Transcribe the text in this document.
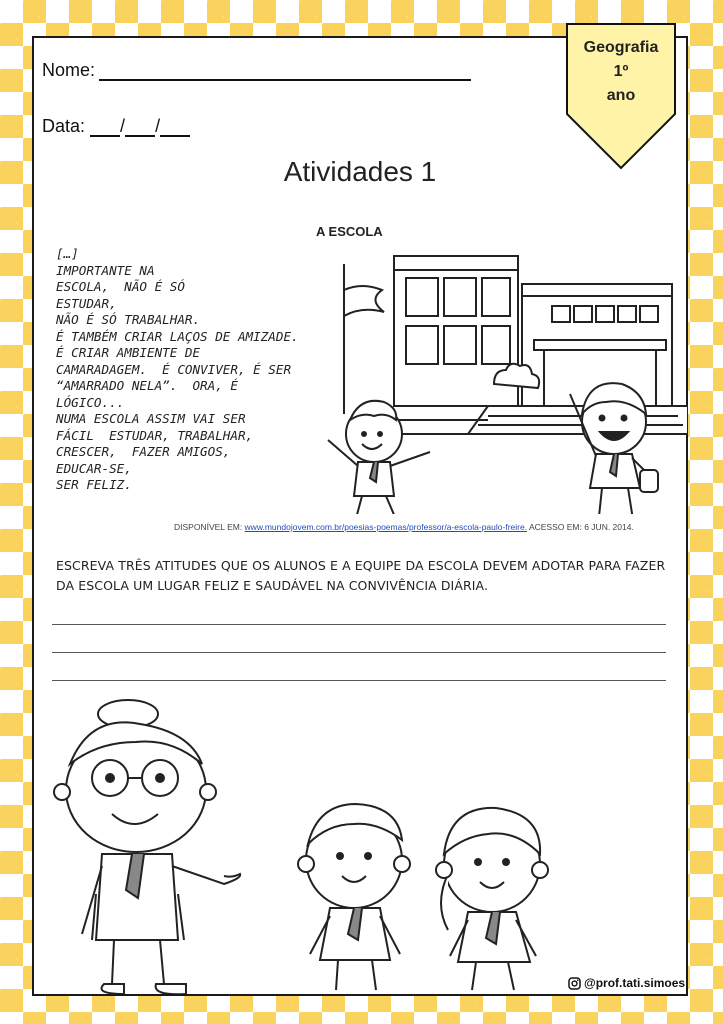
Geografia
1º
ano
Nome:
Data: / /
Atividades 1
A ESCOLA
[…]
IMPORTANTE NA
ESCOLA,  NÃO É SÓ
ESTUDAR,
NÃO É SÓ TRABALHAR.
É TAMBÉM CRIAR LAÇOS DE AMIZADE.
É CRIAR AMBIENTE DE
CAMARADAGEM.  É CONVIVER, É SER
“AMARRADO NELA”.  ORA, É
LÓGICO...
NUMA ESCOLA ASSIM VAI SER
FÁCIL  ESTUDAR, TRABALHAR,
CRESCER,  FAZER AMIGOS,
EDUCAR-SE,
SER FELIZ.
DISPONÍVEL EM: www.mundojovem.com.br/poesias-poemas/professor/a-escola-paulo-freire. ACESSO EM: 6 JUN. 2014.
ESCREVA TRÊS ATITUDES QUE OS ALUNOS E A EQUIPE DA ESCOLA DEVEM ADOTAR PARA FAZER DA ESCOLA UM LUGAR FELIZ E SAUDÁVEL NA CONVIVÊNCIA DIÁRIA.
@prof.tati.simoes
